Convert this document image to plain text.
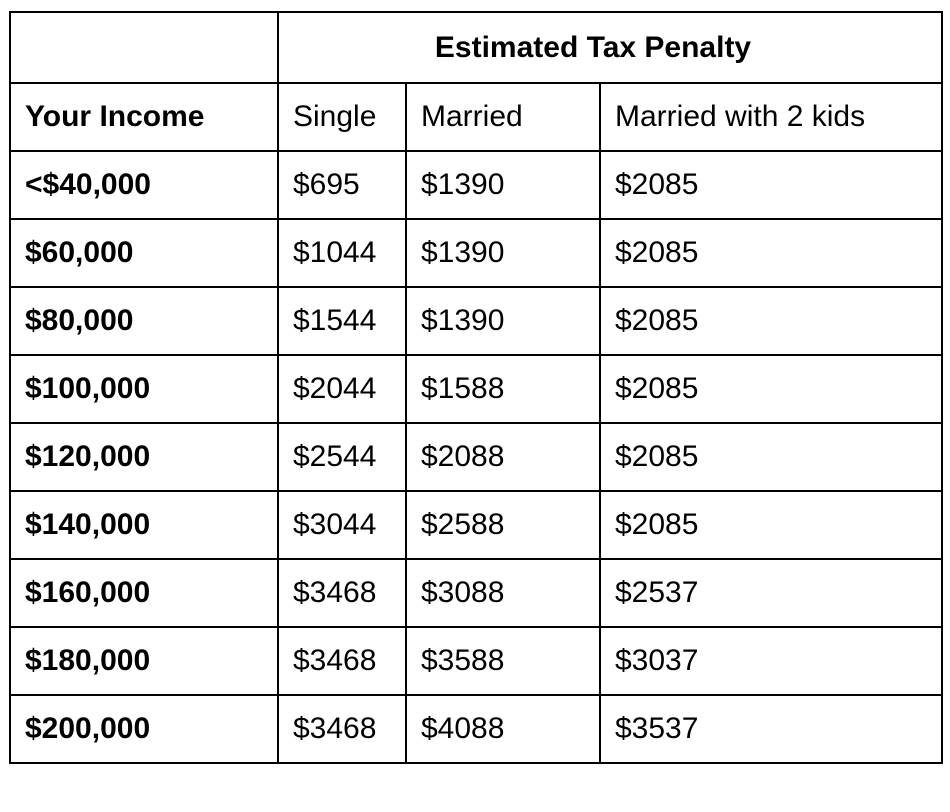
	Estimated Tax Penalty		
Your Income	Single	Married	Married with 2 kids
<$40,000	$695	$1390	$2085
$60,000	$1044	$1390	$2085
$80,000	$1544	$1390	$2085
$100,000	$2044	$1588	$2085
$120,000	$2544	$2088	$2085
$140,000	$3044	$2588	$2085
$160,000	$3468	$3088	$2537
$180,000	$3468	$3588	$3037
$200,000	$3468	$4088	$3537
